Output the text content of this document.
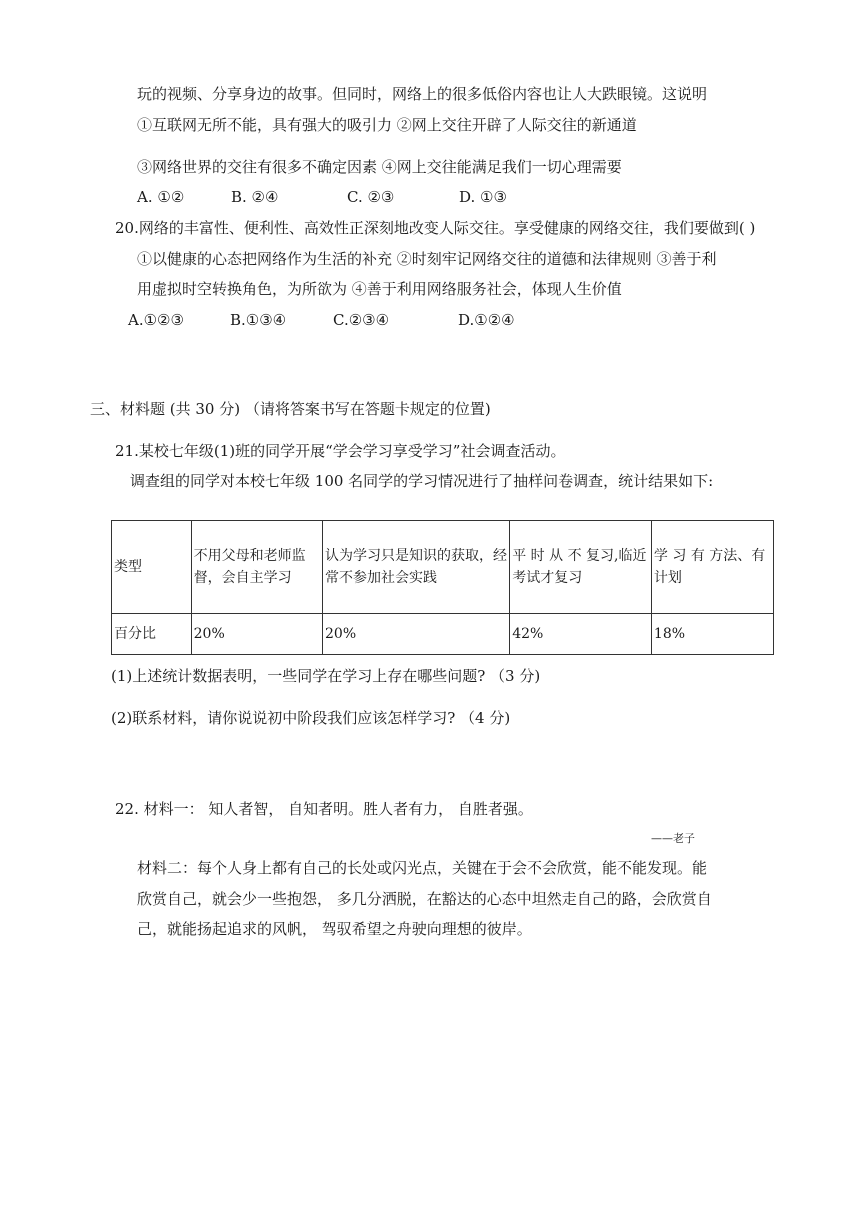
玩的视频、分享身边的故事。但同时，网络上的很多低俗内容也让人大跌眼镜。这说明
①互联网无所不能，具有强大的吸引力 ②网上交往开辟了人际交往的新通道
③网络世界的交往有很多不确定因素 ④网上交往能满足我们一切心理需要
A. ①②	B. ②④	C. ②③	D. ①③
20.网络的丰富性、便利性、高效性正深刻地改变人际交往。享受健康的网络交往，我们要做到( )
①以健康的心态把网络作为生活的补充 ②时刻牢记网络交往的道德和法律规则 ③善于利
用虚拟时空转换角色，为所欲为 ④善于利用网络服务社会，体现人生价值
A.①②③	B.①③④	C.②③④	D.①②④
三、材料题 (共 30 分) （请将答案书写在答题卡规定的位置)
21.某校七年级(1)班的同学开展“学会学习享受学习”社会调查活动。
调查组的同学对本校七年级 100 名同学的学习情况进行了抽样问卷调查，统计结果如下:
类型	不用父母和老师监督，会自主学习	认为学习只是知识的获取，经常不参加社会实践	平 时 从 不 复习,临近考试才复习	学 习 有 方法、有计划
百分比	20%	20%	42%	18%
(1)上述统计数据表明，一些同学在学习上存在哪些问题? （3 分)
(2)联系材料，请你说说初中阶段我们应该怎样学习? （4 分)
22. 材料一： 知人者智， 自知者明。胜人者有力， 自胜者强。
——老子
材料二：每个人身上都有自己的长处或闪光点，关键在于会不会欣赏，能不能发现。能
欣赏自己，就会少一些抱怨， 多几分洒脱，在豁达的心态中坦然走自己的路，会欣赏自
己，就能扬起追求的风帆， 驾驭希望之舟驶向理想的彼岸。
